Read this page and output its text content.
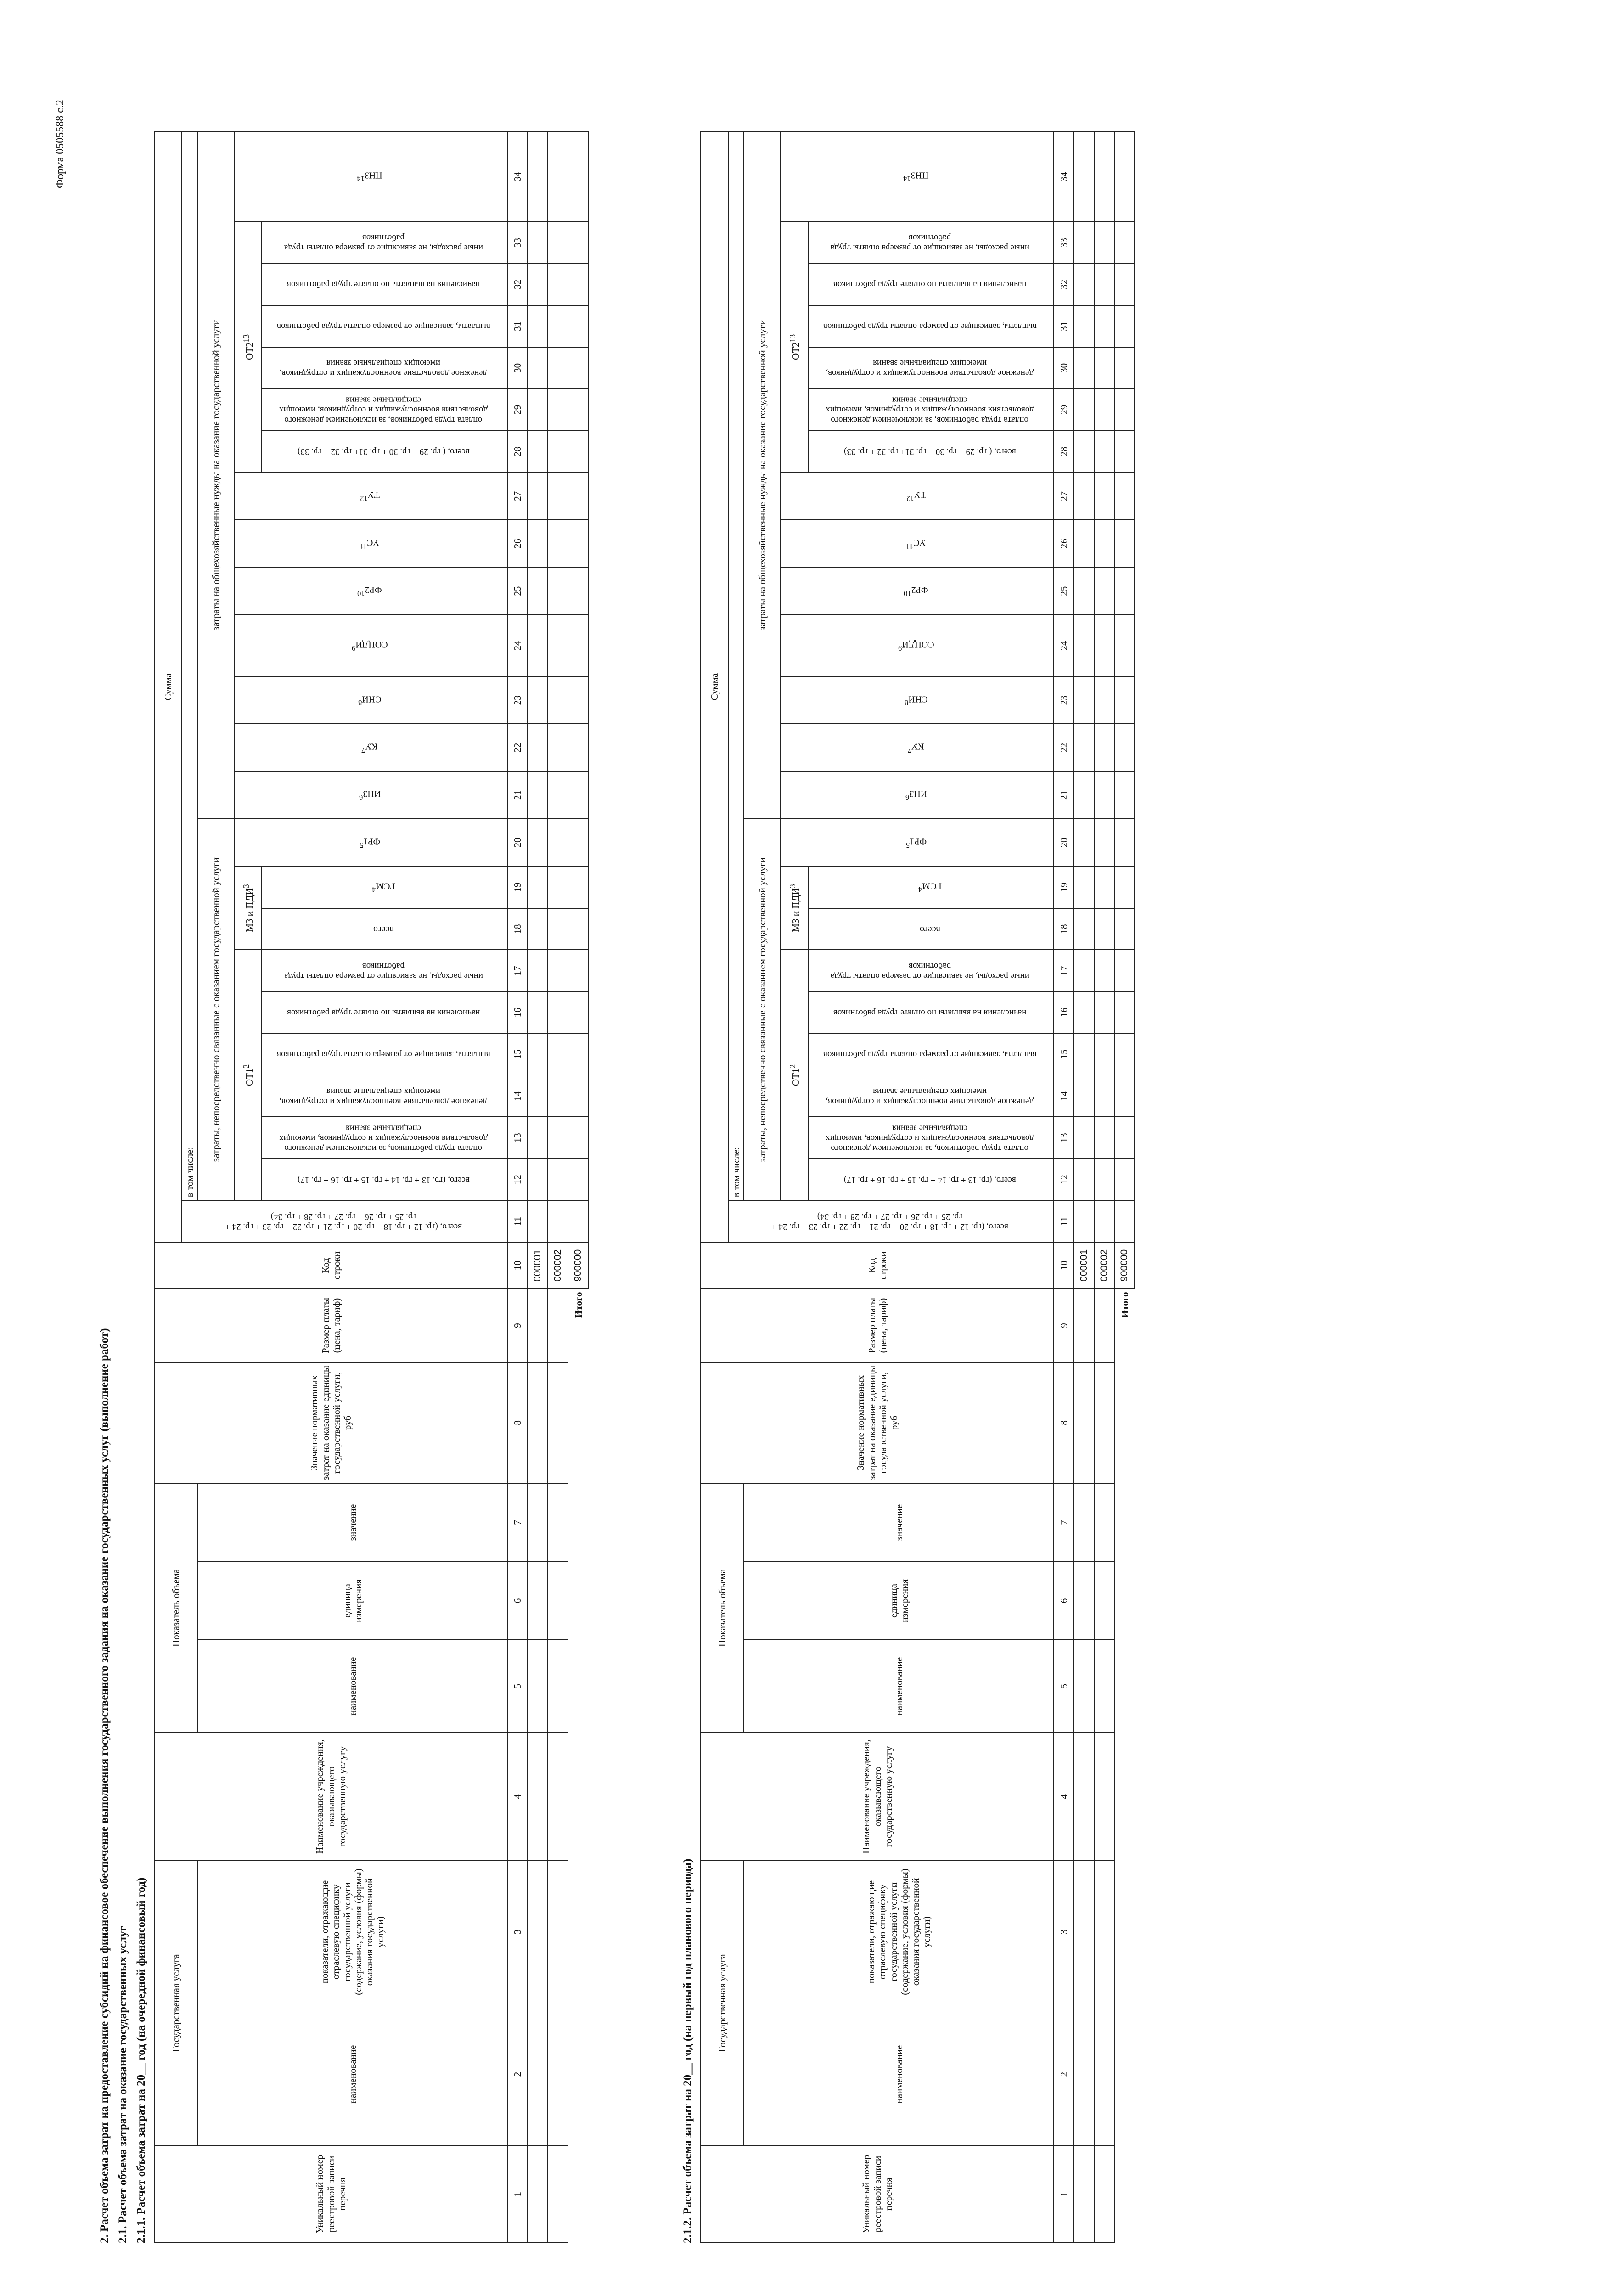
Форма 0505588 с.2
2. Расчет объема затрат на предоставление субсидий на финансовое обеспечение выполнения государственного задания на оказание государственных услуг (выполнение работ) 2.1. Расчет объема затрат на оказание государственных услуг 2.1.1. Расчет объема затрат на 20__ год (на очередной финансовый год)	Уникальный номер реестровой записи перечня	Государственная услуга		Наименование учреждения, оказывающего государственную услугу	Показатель объема			Значение нормативных затрат на оказание единицы государственной услуги, руб	Размер платы (цена, тариф)	Код строки	Сумма																							
										всего, (гр. 12 + гр. 18 + гр. 20 + гр. 21 + гр. 22 + гр. 23 + гр. 24 + гр. 25 + гр. 26 + гр. 27 + гр. 28 + гр. 34)	в том числе:																						
	наименование	показатели, отражающие отраслевую специфику государственной услуги (содержание, условия (формы) оказания государственной услуги)		наименование	единица измерения	значение					затраты, непосредственно связанные с оказанием государственной услуги									затраты на общехозяйственные нужды на оказание государственной услуги													
											$ОТ1^2$						МЗ и ПДИ$^3$		$ФР1^5$	ИНЗ$^6$	$КУ^7$	СНИ$^8$	СОЦДИ$^9$	$ФР2^{10}$	УС$^{11}$	ТУ$^{12}$	$ОТ2^{13}$						ПНЗ$^{14}$
											всего, (гр. 13 + гр. 14 + гр. 15 + гр. 16 + гр. 17)	оплата труда работников, за исключением денежного довольствия военнослужащих и сотрудников, имеющих специальные звания	денежное довольствие военнослужащих и сотрудников, имеющих специальные звания	выплаты, зависящие от размера оплаты труда работников	начисления на выплаты по оплате труда работников	иные расходы, не зависящие от размера оплаты труда работников	всего	ГСМ$^4$									всего, ( гр. 29 + гр. 30 + гр. 31+ гр. 32 + гр. 33)	оплата труда работников, за исключением денежного довольствия военнослужащих и сотрудников, имеющих специальные звания	денежное довольствие военнослужащих и сотрудников, имеющих специальные звания	выплаты, зависящие от размера оплаты труда работников	начисления на выплаты по оплате труда работников	иные расходы, не зависящие от размера оплаты труда работников	
1	2	3	4	5	6	7	8	9	10	11	12	13	14	15	16	17	18	19	20	21	22	23	24	25	26	27	28	29	30	31	32	33	34
									000001																								
									000002																								
								Итого	900000																								
2.1.2. Расчет объема затрат на 20__ год (на первый год планового периода)	Уникальный номер реестровой записи перечня	Государственная услуга		Наименование учреждения, оказывающего государственную услугу	Показатель объема			Значение нормативных затрат на оказание единицы государственной услуги, руб	Размер платы (цена, тариф)	Код строки	Сумма																							
										всего, (гр. 12 + гр. 18 + гр. 20 + гр. 21 + гр. 22 + гр. 23 + гр. 24 + гр. 25 + гр. 26 + гр. 27 + гр. 28 + гр. 34)	в том числе:																						
	наименование	показатели, отражающие отраслевую специфику государственной услуги (содержание, условия (формы) оказания государственной услуги)		наименование	единица измерения	значение					затраты, непосредственно связанные с оказанием государственной услуги									затраты на общехозяйственные нужды на оказание государственной услуги													
											$ОТ1^2$						МЗ и ПДИ$^3$		$ФР1^5$	ИНЗ$^6$	$КУ^7$	СНИ$^8$	СОЦДИ$^9$	$ФР2^{10}$	УС$^{11}$	ТУ$^{12}$	$ОТ2^{13}$						ПНЗ$^{14}$
											всего, (гр. 13 + гр. 14 + гр. 15 + гр. 16 + гр. 17)	оплата труда работников, за исключением денежного довольствия военнослужащих и сотрудников, имеющих специальные звания	денежное довольствие военнослужащих и сотрудников, имеющих специальные звания	выплаты, зависящие от размера оплаты труда работников	начисления на выплаты по оплате труда работников	иные расходы, не зависящие от размера оплаты труда работников	всего	ГСМ$^4$									всего, ( гр. 29 + гр. 30 + гр. 31+ гр. 32 + гр. 33)	оплата труда работников, за исключением денежного довольствия военнослужащих и сотрудников, имеющих специальные звания	денежное довольствие военнослужащих и сотрудников, имеющих специальные звания	выплаты, зависящие от размера оплаты труда работников	начисления на выплаты по оплате труда работников	иные расходы, не зависящие от размера оплаты труда работников	
1	2	3	4	5	6	7	8	9	10	11	12	13	14	15	16	17	18	19	20	21	22	23	24	25	26	27	28	29	30	31	32	33	34
									000001																								
									000002																								
								Итого	900000																								
